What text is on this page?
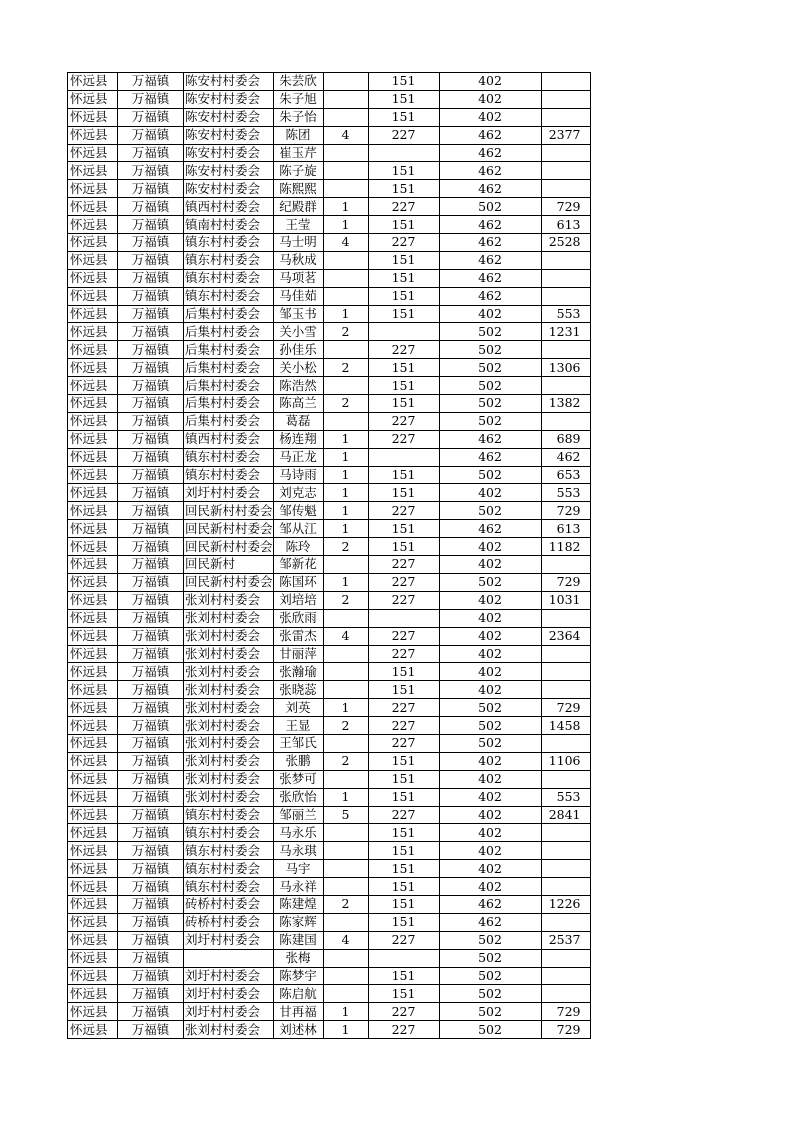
怀远县	万福镇	陈安村村委会	朱芸欣		151	402	
怀远县	万福镇	陈安村村委会	朱子旭		151	402	
怀远县	万福镇	陈安村村委会	朱子怡		151	402	
怀远县	万福镇	陈安村村委会	陈团	4	227	462	2377
怀远县	万福镇	陈安村村委会	崔玉芹			462	
怀远县	万福镇	陈安村村委会	陈子旋		151	462	
怀远县	万福镇	陈安村村委会	陈熙熙		151	462	
怀远县	万福镇	镇西村村委会	纪殿群	1	227	502	729
怀远县	万福镇	镇南村村委会	王莹	1	151	462	613
怀远县	万福镇	镇东村村委会	马士明	4	227	462	2528
怀远县	万福镇	镇东村村委会	马秋成		151	462	
怀远县	万福镇	镇东村村委会	马项茗		151	462	
怀远县	万福镇	镇东村村委会	马佳茹		151	462	
怀远县	万福镇	后集村村委会	邹玉书	1	151	402	553
怀远县	万福镇	后集村村委会	关小雪	2		502	1231
怀远县	万福镇	后集村村委会	孙佳乐		227	502	
怀远县	万福镇	后集村村委会	关小松	2	151	502	1306
怀远县	万福镇	后集村村委会	陈浩然		151	502	
怀远县	万福镇	后集村村委会	陈高兰	2	151	502	1382
怀远县	万福镇	后集村村委会	葛磊		227	502	
怀远县	万福镇	镇西村村委会	杨连翔	1	227	462	689
怀远县	万福镇	镇东村村委会	马正龙	1		462	462
怀远县	万福镇	镇东村村委会	马诗雨	1	151	502	653
怀远县	万福镇	刘圩村村委会	刘克志	1	151	402	553
怀远县	万福镇	回民新村村委会	邹传魁	1	227	502	729
怀远县	万福镇	回民新村村委会	邹从江	1	151	462	613
怀远县	万福镇	回民新村村委会	陈玲	2	151	402	1182
怀远县	万福镇	回民新村	邹新花		227	402	
怀远县	万福镇	回民新村村委会	陈国环	1	227	502	729
怀远县	万福镇	张刘村村委会	刘培培	2	227	402	1031
怀远县	万福镇	张刘村村委会	张欣雨			402	
怀远县	万福镇	张刘村村委会	张雷杰	4	227	402	2364
怀远县	万福镇	张刘村村委会	甘丽萍		227	402	
怀远县	万福镇	张刘村村委会	张瀚瑜		151	402	
怀远县	万福镇	张刘村村委会	张晓蕊		151	402	
怀远县	万福镇	张刘村村委会	刘英	1	227	502	729
怀远县	万福镇	张刘村村委会	王显	2	227	502	1458
怀远县	万福镇	张刘村村委会	王邹氏		227	502	
怀远县	万福镇	张刘村村委会	张鹏	2	151	402	1106
怀远县	万福镇	张刘村村委会	张梦可		151	402	
怀远县	万福镇	张刘村村委会	张欣怡	1	151	402	553
怀远县	万福镇	镇东村村委会	邹丽兰	5	227	402	2841
怀远县	万福镇	镇东村村委会	马永乐		151	402	
怀远县	万福镇	镇东村村委会	马永琪		151	402	
怀远县	万福镇	镇东村村委会	马宇		151	402	
怀远县	万福镇	镇东村村委会	马永祥		151	402	
怀远县	万福镇	砖桥村村委会	陈建煌	2	151	462	1226
怀远县	万福镇	砖桥村村委会	陈家辉		151	462	
怀远县	万福镇	刘圩村村委会	陈建国	4	227	502	2537
怀远县	万福镇		张梅			502	
怀远县	万福镇	刘圩村村委会	陈梦宇		151	502	
怀远县	万福镇	刘圩村村委会	陈启航		151	502	
怀远县	万福镇	刘圩村村委会	甘再福	1	227	502	729
怀远县	万福镇	张刘村村委会	刘述林	1	227	502	729
